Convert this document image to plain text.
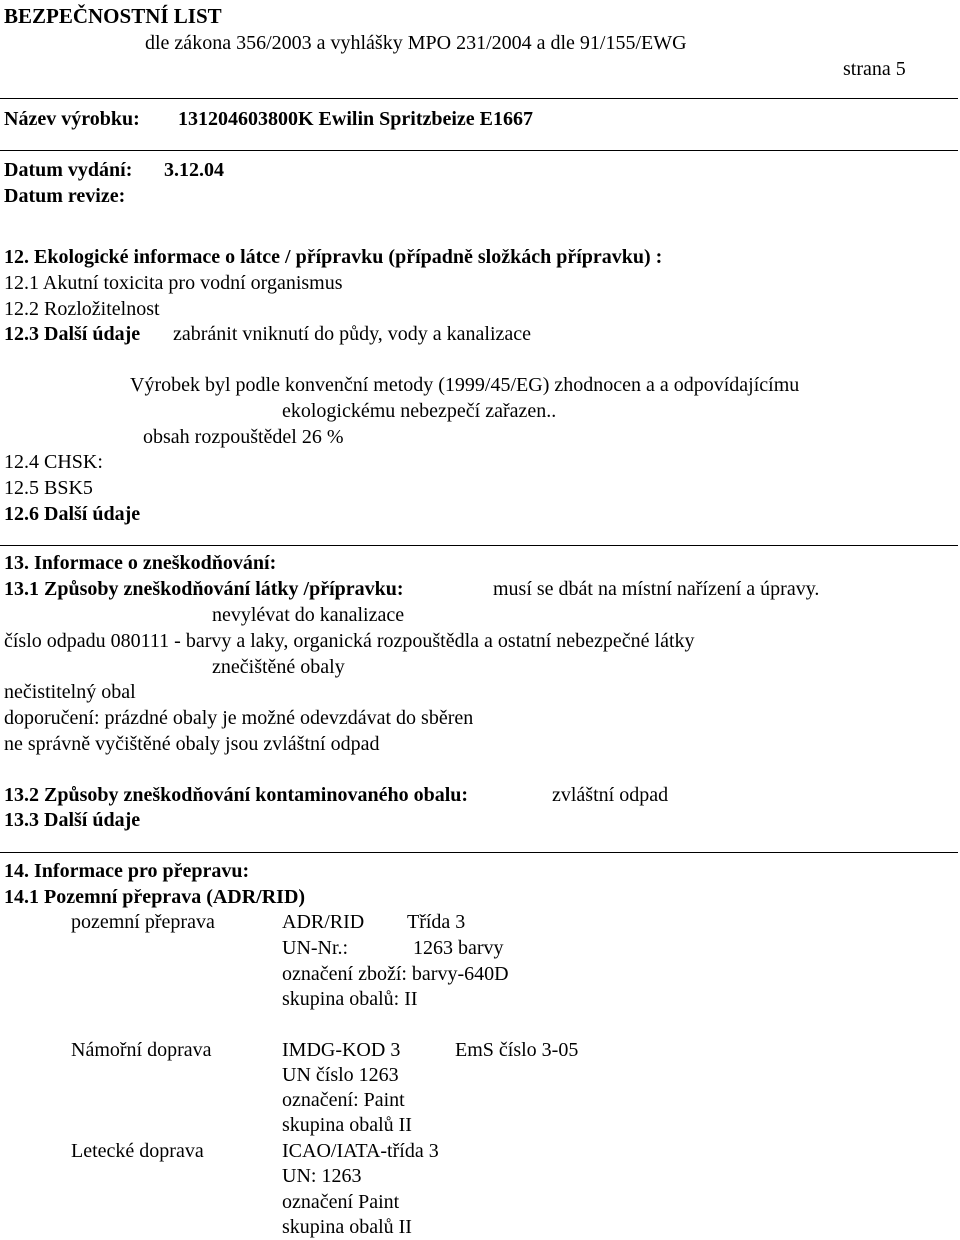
BEZPEČNOSTNÍ LIST
dle zákona 356/2003 a vyhlášky MPO 231/2004 a dle 91/155/EWG
strana 5
Název výrobku: 131204603800K Ewilin Spritzbeize E1667
Datum vydání: 3.12.04
Datum revize:
12. Ekologické informace o látce / přípravku (případně složkách přípravku) :
12.1 Akutní toxicita pro vodní organismus
12.2 Rozložitelnost
12.3 Další údaje zabránit vniknutí do půdy, vody a kanalizace
Výrobek byl podle konvenční metody (1999/45/EG) zhodnocen a a odpovídajícímu
ekologickému nebezpečí zařazen..
obsah rozpouštědel 26 %
12.4 CHSK:
12.5 BSK5
12.6 Další údaje
13. Informace o zneškodňování:
13.1 Způsoby zneškodňování látky /přípravku:	musí se dbát na místní nařízení a úpravy.
nevylévat do kanalizace
číslo odpadu 080111 - barvy a laky, organická rozpouštědla a ostatní nebezpečné látky
znečištěné obaly
nečistitelný obal
doporučení: prázdné obaly je možné odevzdávat do sběren
ne správně vyčištěné obaly jsou zvláštní odpad
13.2 Způsoby zneškodňování kontaminovaného obalu:	zvláštní odpad
13.3 Další údaje
14. Informace pro přepravu:
14.1 Pozemní přeprava (ADR/RID)
pozemní přeprava	ADR/RID Třída 3
UN-Nr.:	1263 barvy
označení zboží: barvy-640D
skupina obalů: II
Námořní doprava	IMDG-KOD 3	EmS číslo 3-05
UN číslo 1263
označení: Paint
skupina obalů II
Letecké doprava	ICAO/IATA-třída 3
UN: 1263
označení Paint
skupina obalů II
